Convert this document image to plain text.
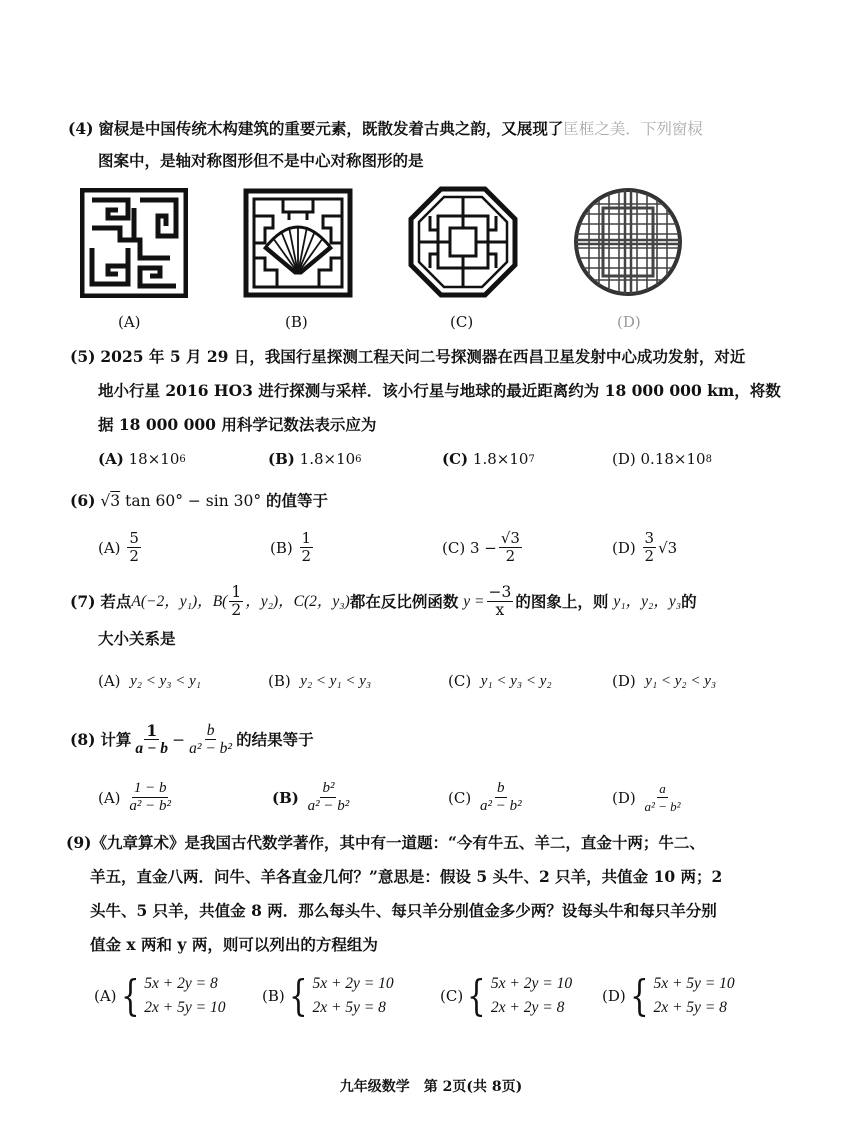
(4) 窗棂是中国传统木构建筑的重要元素，既散发着古典之韵，又展现了匡框之美．下列窗棂
图案中，是轴对称图形但不是中心对称图形的是
(A)	(B)	(C)	(D)
(5) 2025 年 5 月 29 日，我国行星探测工程天问二号探测器在西昌卫星发射中心成功发射，对近
地小行星 2016 HO3 进行探测与采样．该小行星与地球的最近距离约为 18 000 000 km，将数
据 18 000 000 用科学记数法表示应为
(A)
18×10 6	(B)
1.8×10 6	(C)
1.8×10 7	(D)
0.18×10 8
(6) √3 tan 60° − sin 30° 的值等于
(A)
$\frac{5}{2}$	(B)
$\frac{1}{2}$	(C)
$3 - \frac{√3}{2}$	(D)
$\frac{3}{2} √3$
(7)
若点 A(−2，y₁)， $B( \frac{1}{2}$ ，y₂)， C(2，y₃) 都在反比例函数
$y = \frac{-3}{x}$ 的图象上，则
y₁，y₂，y₃ 的
大小关系是
(A)
y₂ < y₃ < y₁	(B)
y₂ < y₁ < y₃	(C)
y₁ < y₃ < y₂	(D)
y₁ < y₂ < y₃
(8)
计算 $\frac{1}{a - b} - \frac{b}{\text{a² − b²}}$ 的结果等于
(A)
$\frac{1 - b}{\text{a² − b²}}$	(B)
$\frac{\text{b²}}{\text{a² − b²}}$	(C)
$\frac{b}{\text{a² − b²}}$	(D)
$\frac{a}{\text{a² − b²}}$
(9)《九章算术》是我国古代数学著作，其中有一道题：“今有牛五、羊二，直金十两；牛二、
羊五，直金八两．问牛、羊各直金几何？”意思是：假设 5 头牛、2 只羊，共值金 10 两；2
头牛、5 只羊，共值金 8 两．那么每头牛、每只羊分别值金多少两？设每头牛和每只羊分别
值金 x 两和 y 两，则可以列出的方程组为
(A) { 5x + 2y = 8
2x + 5y = 10
(B) { 5x + 2y = 10
2x + 5y = 8
(C) { 5x + 2y = 10
2x + 2y = 8
(D) { 5x + 5y = 10
2x + 5y = 8
九年级数学　第 2页(共 8页)
